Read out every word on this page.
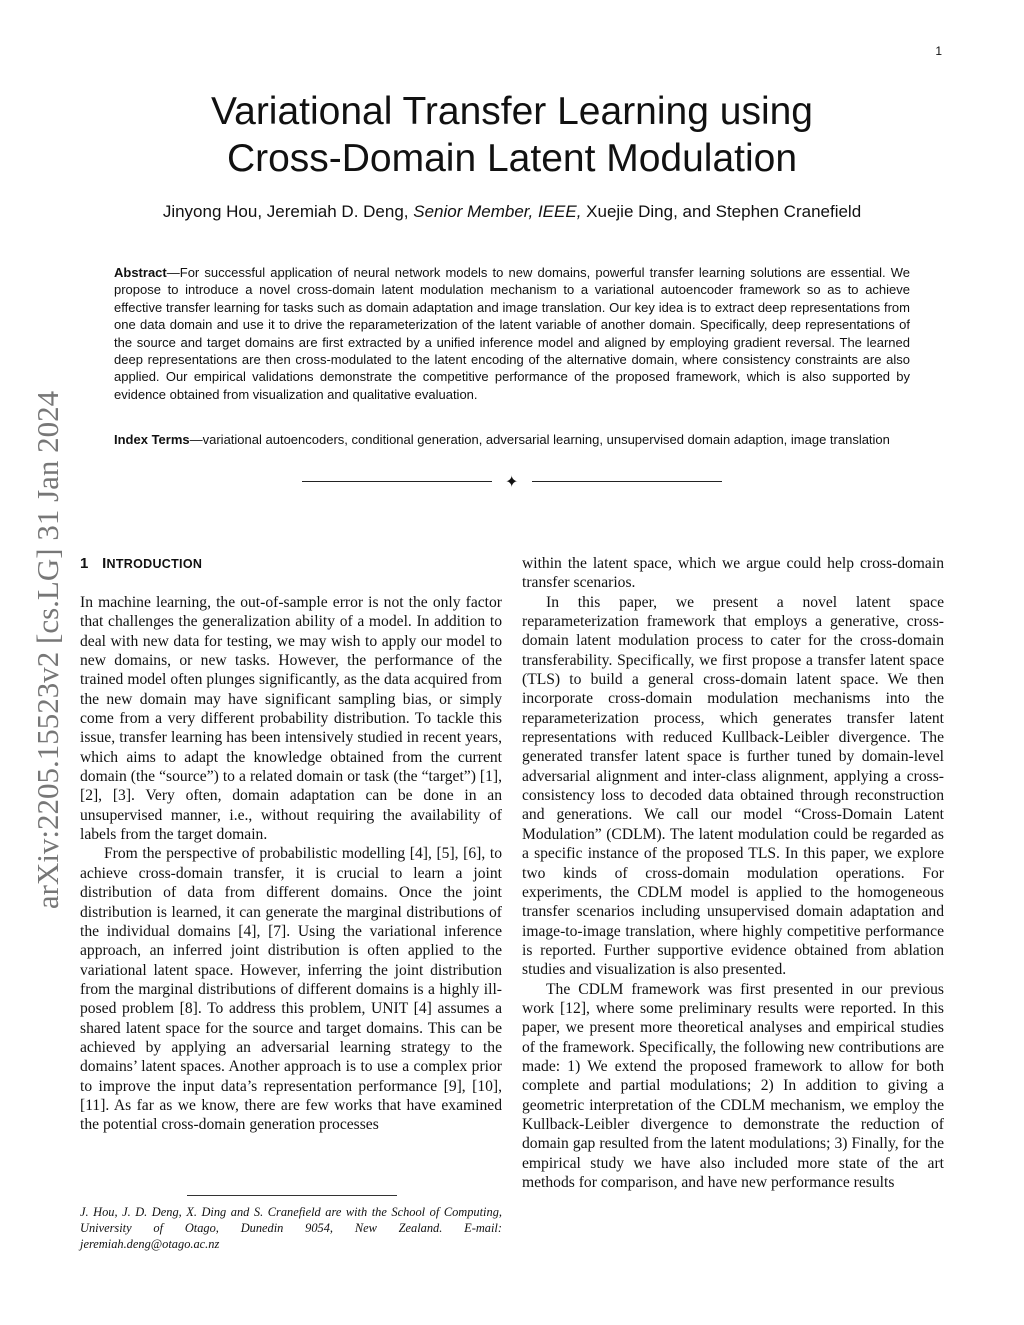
1
arXiv:2205.15523v2 [cs.LG] 31 Jan 2024
Variational Transfer Learning using
Cross-Domain Latent Modulation
Jinyong Hou, Jeremiah D. Deng, Senior Member, IEEE, Xuejie Ding, and Stephen Cranefield
Abstract—For successful application of neural network models to new domains, powerful transfer learning solutions are essential. We propose to introduce a novel cross-domain latent modulation mechanism to a variational autoencoder framework so as to achieve effective transfer learning for tasks such as domain adaptation and image translation. Our key idea is to extract deep representations from one data domain and use it to drive the reparameterization of the latent variable of another domain. Specifically, deep representations of the source and target domains are first extracted by a unified inference model and aligned by employing gradient reversal. The learned deep representations are then cross-modulated to the latent encoding of the alternative domain, where consistency constraints are also applied. Our empirical validations demonstrate the competitive performance of the proposed framework, which is also supported by evidence obtained from visualization and qualitative evaluation.
Index Terms—variational autoencoders, conditional generation, adversarial learning, unsupervised domain adaption, image translation
✦
1 INTRODUCTION

In machine learning, the out-of-sample error is not the only factor that challenges the generalization ability of a model. In addition to deal with new data for testing, we may wish to apply our model to new domains, or new tasks. However, the performance of the trained model often plunges significantly, as the data acquired from the new domain may have significant sampling bias, or simply come from a very different probability distribution. To tackle this issue, transfer learning has been intensively studied in recent years, which aims to adapt the knowledge obtained from the current domain (the “source”) to a related domain or task (the “target”) [1], [2], [3]. Very often, domain adaptation can be done in an unsupervised manner, i.e., without requiring the availability of labels from the target domain.

From the perspective of probabilistic modelling [4], [5], [6], to achieve cross-domain transfer, it is crucial to learn a joint distribution of data from different domains. Once the joint distribution is learned, it can generate the marginal distributions of the individual domains [4], [7]. Using the variational inference approach, an inferred joint distribution is often applied to the variational latent space. However, inferring the joint distribution from the marginal distributions of different domains is a highly ill-posed problem [8]. To address this problem, UNIT [4] assumes a shared latent space for the source and target domains. This can be achieved by applying an adversarial learning strategy to the domains’ latent spaces. Another approach is to use a complex prior to improve the input data’s representation performance [9], [10], [11]. As far as we know, there are few works that have examined the potential cross-domain generation processes

within the latent space, which we argue could help cross-domain transfer scenarios.

In this paper, we present a novel latent space reparameterization framework that employs a generative, cross-domain latent modulation process to cater for the cross-domain transferability. Specifically, we first propose a transfer latent space (TLS) to build a general cross-domain latent space. We then incorporate cross-domain modulation mechanisms into the reparameterization process, which generates transfer latent representations with reduced Kullback-Leibler divergence. The generated transfer latent space is further tuned by domain-level adversarial alignment and inter-class alignment, applying a cross-consistency loss to decoded data obtained through reconstruction and generations. We call our model “Cross-Domain Latent Modulation” (CDLM). The latent modulation could be regarded as a specific instance of the proposed TLS. In this paper, we explore two kinds of cross-domain modulation operations. For experiments, the CDLM model is applied to the homogeneous transfer scenarios including unsupervised domain adaptation and image-to-image translation, where highly competitive performance is reported. Further supportive evidence obtained from ablation studies and visualization is also presented.

The CDLM framework was first presented in our previous work [12], where some preliminary results were reported. In this paper, we present more theoretical analyses and empirical studies of the framework. Specifically, the following new contributions are made: 1) We extend the proposed framework to allow for both complete and partial modulations; 2) In addition to giving a geometric interpretation of the CDLM mechanism, we employ the Kullback-Leibler divergence to demonstrate the reduction of domain gap resulted from the latent modulations; 3) Finally, for the empirical study we have also included more state of the art methods for comparison, and have new performance results

J. Hou, J. D. Deng, X. Ding and S. Cranefield are with the School of Computing, University of Otago, Dunedin 9054, New Zealand. E-mail: jeremiah.deng@otago.ac.nz
